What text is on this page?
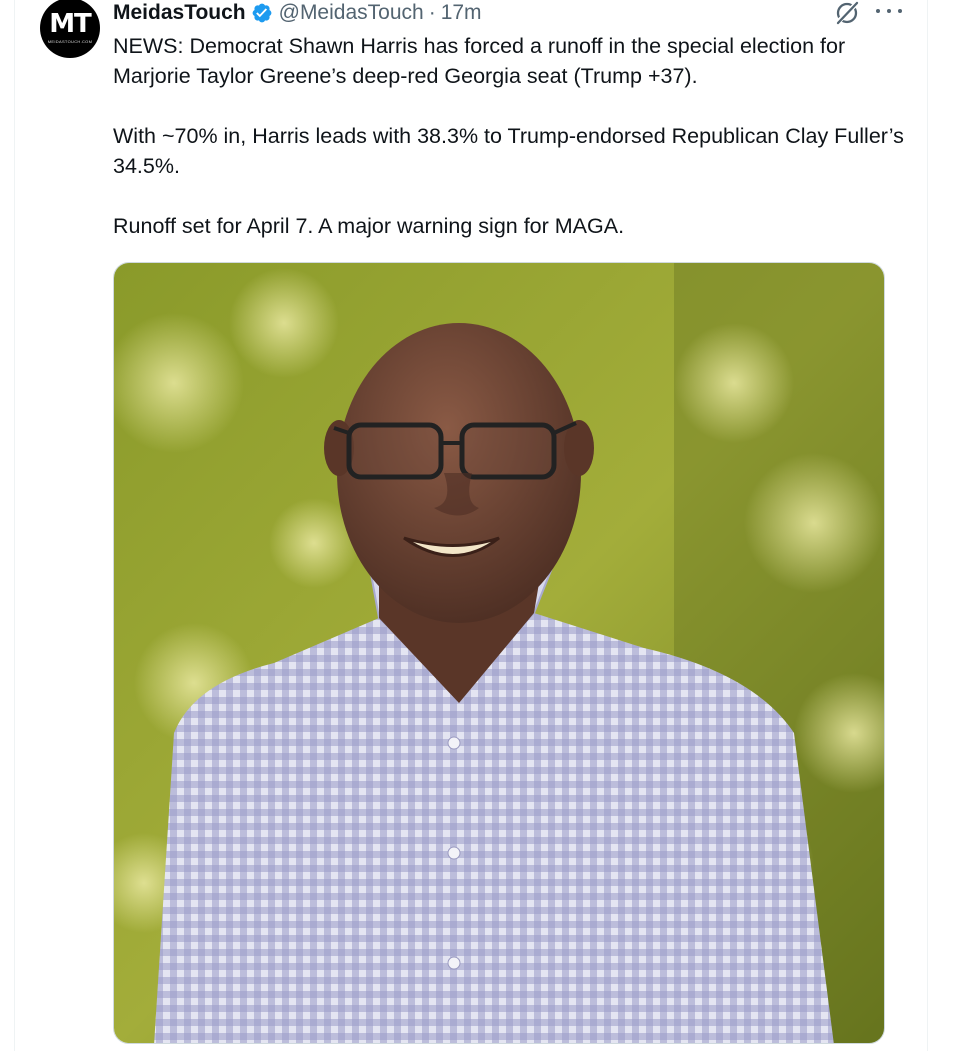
MT
MEIDASTOUCH.COM
MeidasTouch @MeidasTouch · 17m

NEWS: Democrat Shawn Harris has forced a runoff in the special election for Marjorie Taylor Greene’s deep-red Georgia seat (Trump +37).

With ~70% in, Harris leads with 38.3% to Trump-endorsed Republican Clay Fuller’s 34.5%.

Runoff set for April 7. A major warning sign for MAGA.
